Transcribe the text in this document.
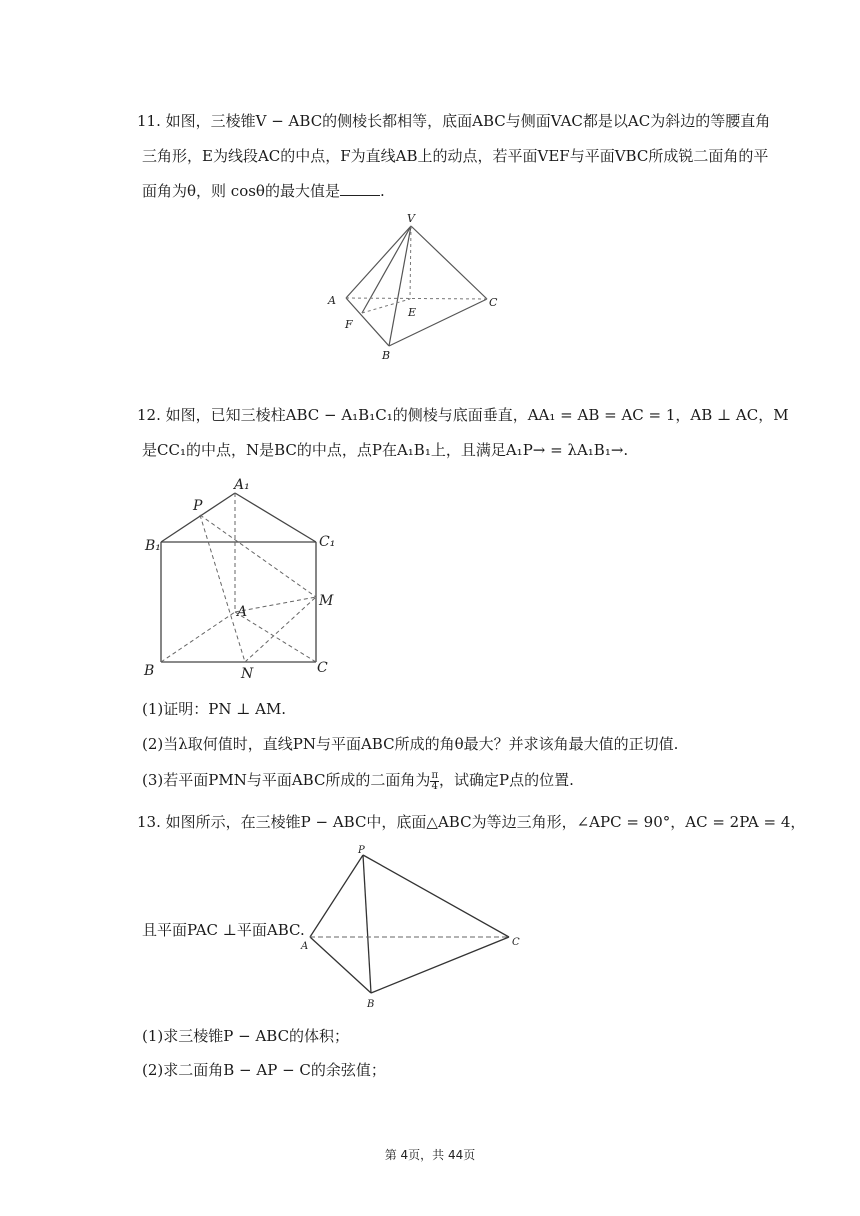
11. 如图，三棱锥V − ABC的侧棱长都相等，底面ABC与侧面VAC都是以AC为斜边的等腰直角

三角形，E为线段AC的中点，F为直线AB上的动点，若平面VEF与平面VBC所成锐二面角的平

面角为θ，则 cosθ的最大值是	.

V
A	C
E
F
B

12. 如图，已知三棱柱ABC − A₁B₁C₁的侧棱与底面垂直，AA₁ = AB = AC = 1，AB ⊥ AC，M

是CC₁的中点，N是BC的中点，点P在A₁B₁上，且满足A₁P→ = λA₁B₁→.

A₁
P
B₁	C₁
M
A
B	N	C

(1)证明：PN ⊥ AM.

(2)当λ取何值时，直线PN与平面ABC所成的角θ最大？并求该角最大值的正切值.

(3)若平面PMN与平面ABC所成的二面角为 $\frac{\pi}{4}$ ，试确定P点的位置.

13. 如图所示，在三棱锥P − ABC中，底面△ABC为等边三角形，∠APC = 90°，AC = 2PA = 4，

P
A	C
B

且平面PAC ⊥平面ABC.

(1)求三棱锥P − ABC的体积；

(2)求二面角B − AP − C的余弦值；

第 4页，共 44页
